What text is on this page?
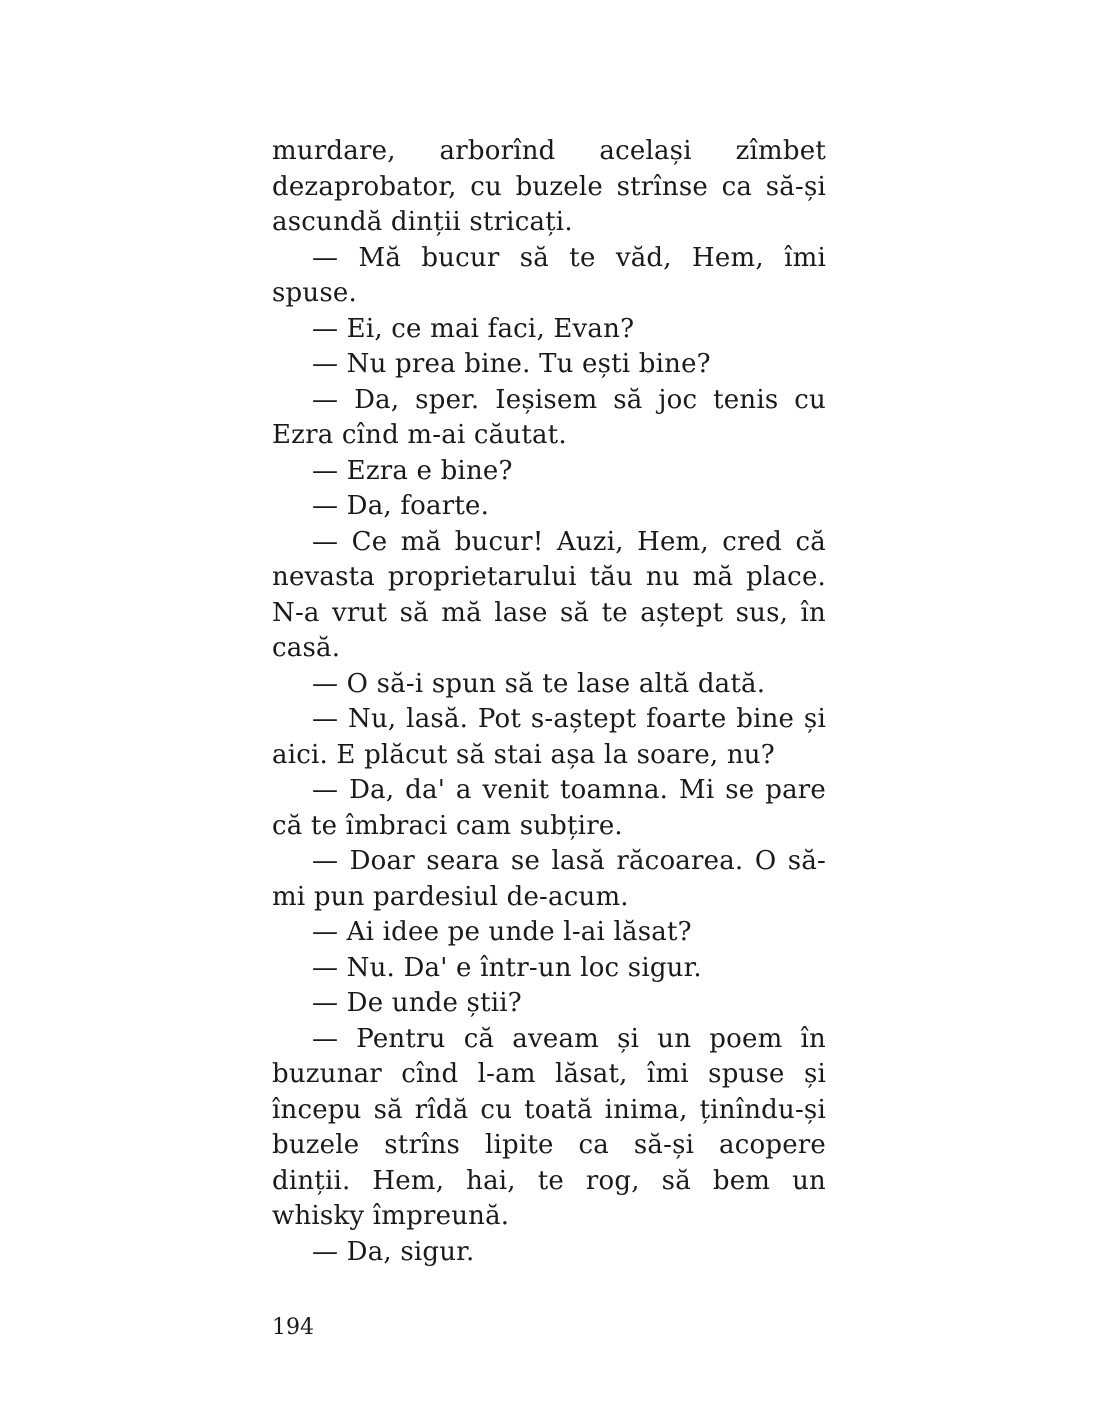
murdare, arborînd același zîmbet dezaprobator, cu buzele strînse ca să-și ascundă dinții stricați.

— Mă bucur să te văd, Hem, îmi spuse.

— Ei, ce mai faci, Evan?

— Nu prea bine. Tu ești bine?

— Da, sper. Ieșisem să joc tenis cu Ezra cînd m-ai căutat.

— Ezra e bine?

— Da, foarte.

— Ce mă bucur! Auzi, Hem, cred că nevasta proprietarului tău nu mă place. N-a vrut să mă lase să te aștept sus, în casă.

— O să-i spun să te lase altă dată.

— Nu, lasă. Pot s-aștept foarte bine și aici. E plăcut să stai așa la soare, nu?

— Da, da' a venit toamna. Mi se pare că te îmbraci cam subțire.

— Doar seara se lasă răcoarea. O să-mi pun pardesiul de-acum.

— Ai idee pe unde l-ai lăsat?

— Nu. Da' e într-un loc sigur.

— De unde știi?

— Pentru că aveam și un poem în buzunar cînd l-am lăsat, îmi spuse și începu să rîdă cu toată inima, ținîndu-și buzele strîns lipite ca să-și acopere dinții. Hem, hai, te rog, să bem un whisky împreună.

— Da, sigur.

194
